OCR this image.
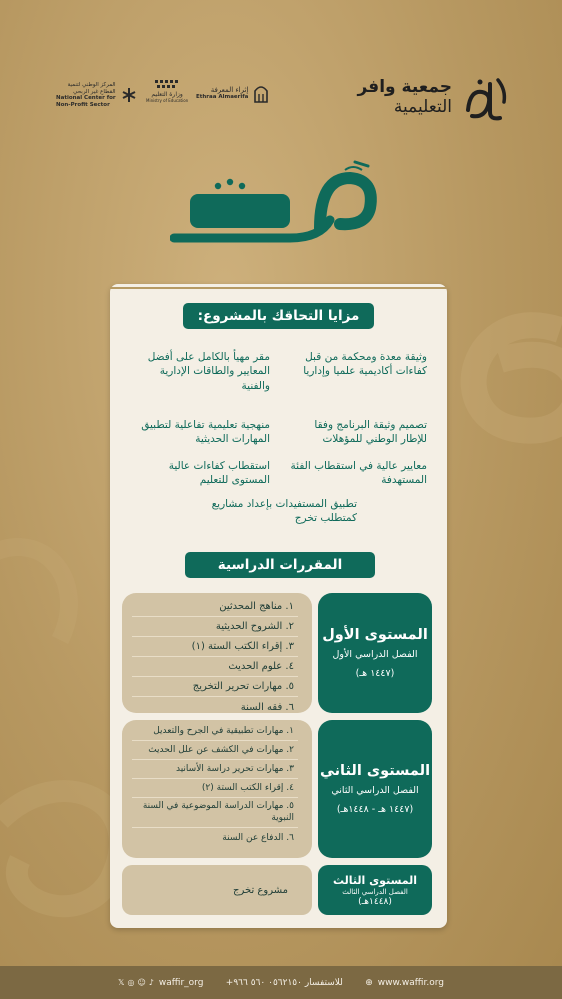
المركز الوطني لتنمية
القطاع غير الربحي
National Center for
Non-Profit Sector
وزارة التعليم
Ministry of Education
إثراء المعرفة
Ethraa Almaerifa	جمعية وافر
التعليمية
مزايا التحاقك بالمشروع:
وثيقة معدة ومحكمة من قبل كفاءات أكاديمية علميا وإداريا
مقر مهيأ بالكامل على أفضل المعايير والطاقات الإدارية والفنية
تصميم وثيقة البرنامج وفقا للإطار الوطني للمؤهلات
منهجية تعليمية تفاعلية لتطبيق المهارات الحديثية
معايير عالية في استقطاب الفئة المستهدفة
استقطاب كفاءات عالية المستوى للتعليم
تطبيق المستفيدات بإعداد مشاريع كمتطلب تخرج
المقررات الدراسية
المستوى الأول
الفصل الدراسي الأول
(١٤٤٧ هـ)
١. مناهج المحدثين
٢. الشروح الحديثية
٣. إقراء الكتب الستة (١)
٤. علوم الحديث
٥. مهارات تحرير التخريج
٦. فقه السنة
المستوى الثاني
الفصل الدراسي الثاني
(١٤٤٧ هـ - ١٤٤٨هـ)
١. مهارات تطبيقية في الجرح والتعديل
٢. مهارات في الكشف عن علل الحديث
٣. مهارات تحرير دراسة الأسانيد
٤. إقراء الكتب الستة (٢)
٥. مهارات الدراسة الموضوعية في السنة النبوية
٦. الدفاع عن السنة
المستوى الثالث
الفصل الدراسي الثالث
(١٤٤٨هـ)
مشروع تخرج
𝕏 ◎ ☺ ♪ waffir_org للاستفسار ٠٥٦٢١٥٠ ٥٦٠ ٩٦٦+ ⊕ www.waffir.org
